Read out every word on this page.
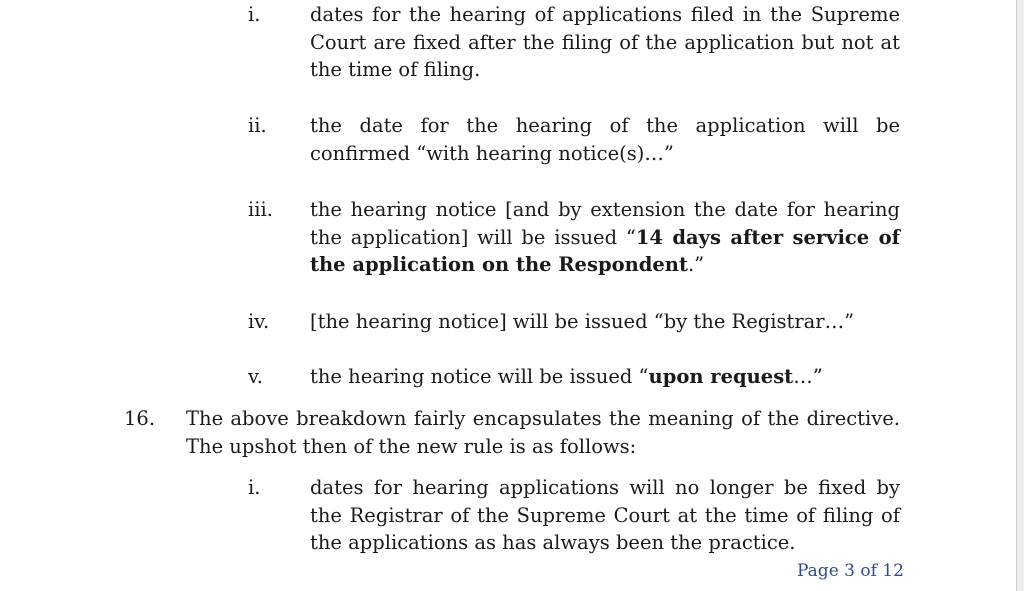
i.	dates for the hearing of applications filed in the Supreme Court are fixed after the filing of the application but not at the time of filing.
ii. the date for the hearing of the application will be confirmed “with hearing notice(s)…”
iii. the hearing notice [and by extension the date for hearing the application] will be issued “14 days after service of the application on the Respondent.”
iv. [the hearing notice] will be issued “by the Registrar…”
v. the hearing notice will be issued “upon request…”
16. The above breakdown fairly encapsulates the meaning of the directive. The upshot then of the new rule is as follows:
i.	dates for hearing applications will no longer be fixed by the Registrar of the Supreme Court at the time of filing of the applications as has always been the practice.
Page 3 of 12
